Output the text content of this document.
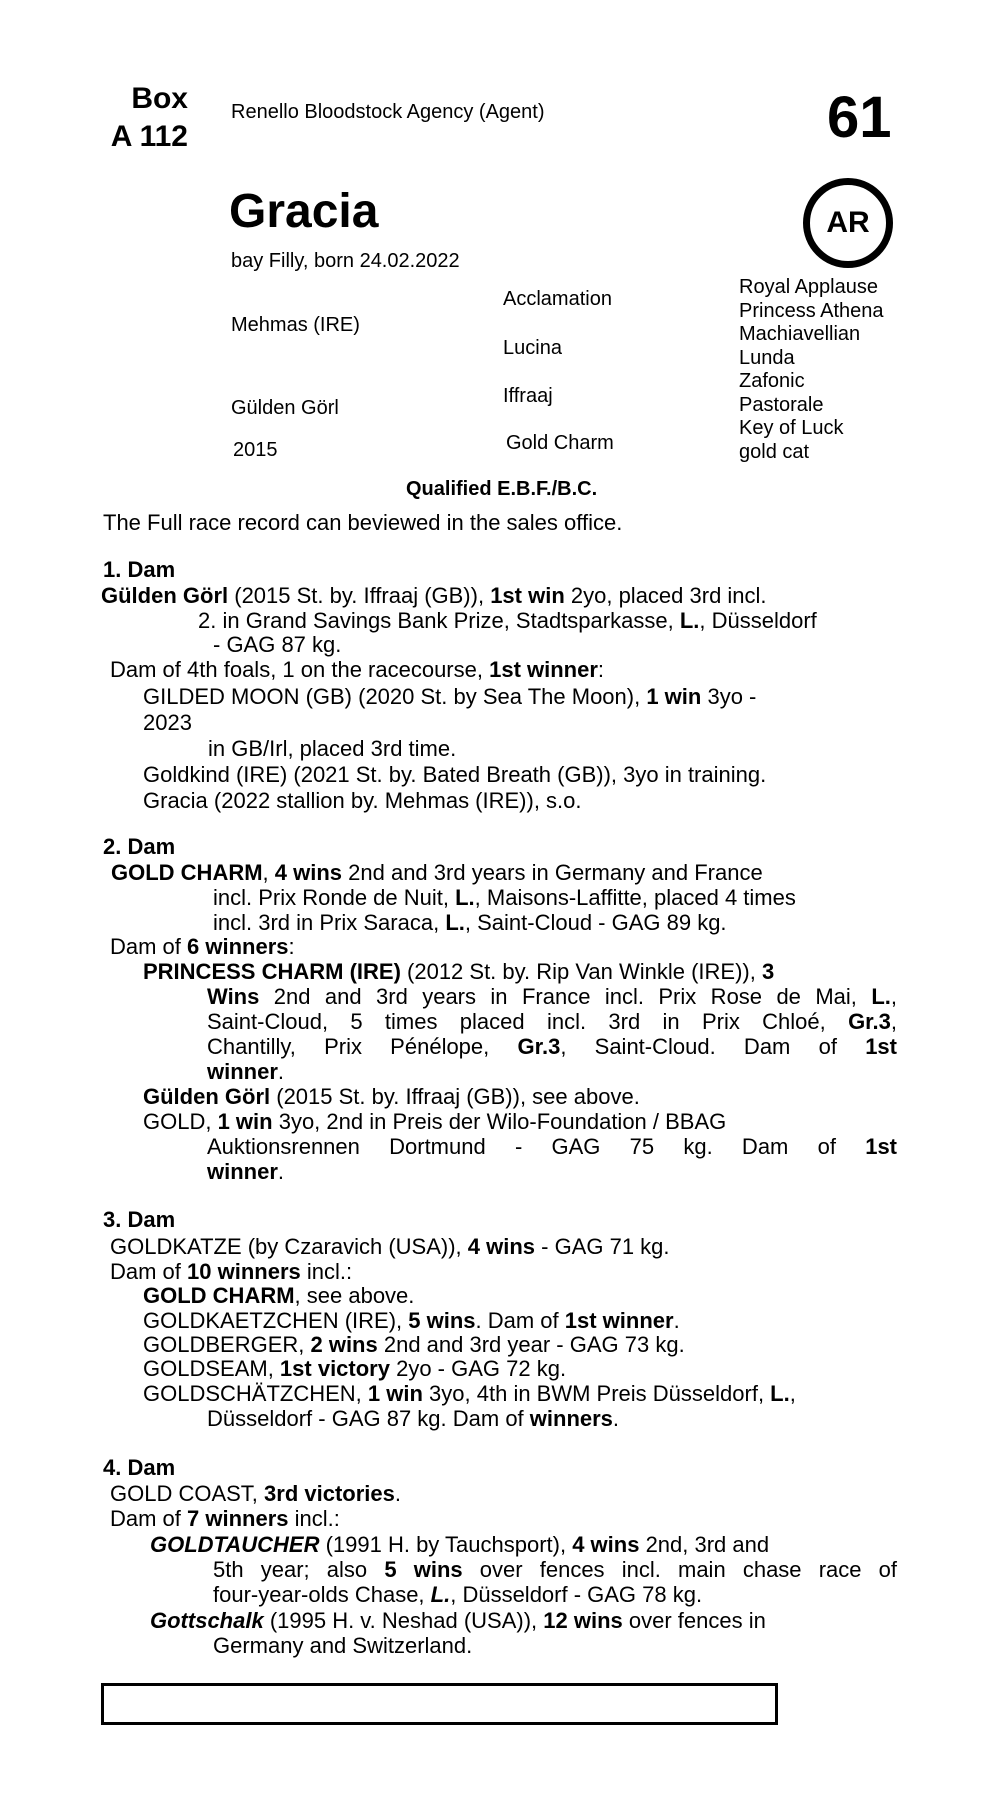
Box
A 112
Renello Bloodstock Agency (Agent)	61
AR
Gracia
bay Filly, born 24.02.2022
Mehmas (IRE)
Gülden Görl
2015
Acclamation
Lucina
Iffraaj
Gold Charm
Royal Applause
Princess Athena
Machiavellian
Lunda
Zafonic
Pastorale
Key of Luck
gold cat
Qualified E.B.F./B.C.
The Full race record can beviewed in the sales office.
1. Dam
Gülden Görl (2015 St. by. Iffraaj (GB)), 1st win 2yo, placed 3rd incl.
2. in Grand Savings Bank Prize, Stadtsparkasse, L., Düsseldorf
- GAG 87 kg.
Dam of 4th foals, 1 on the racecourse, 1st winner:
GILDED MOON (GB) (2020 St. by Sea The Moon), 1 win 3yo -
2023
in GB/Irl, placed 3rd time.
Goldkind (IRE) (2021 St. by. Bated Breath (GB)), 3yo in training.
Gracia (2022 stallion by. Mehmas (IRE)), s.o.
2. Dam
GOLD CHARM, 4 wins 2nd and 3rd years in Germany and France
incl. Prix Ronde de Nuit, L., Maisons-Laffitte, placed 4 times
incl. 3rd in Prix Saraca, L., Saint-Cloud - GAG 89 kg.
Dam of 6 winners:
PRINCESS CHARM (IRE) (2012 St. by. Rip Van Winkle (IRE)), 3
Wins 2nd and 3rd years in France incl. Prix Rose de Mai, L.,
Saint-Cloud, 5 times placed incl. 3rd in Prix Chloé, Gr.3,
Chantilly, Prix Pénélope, Gr.3, Saint-Cloud. Dam of 1st
winner.
Gülden Görl (2015 St. by. Iffraaj (GB)), see above.
GOLD, 1 win 3yo, 2nd in Preis der Wilo-Foundation / BBAG
Auktionsrennen Dortmund - GAG 75 kg. Dam of 1st
winner.
3. Dam
GOLDKATZE (by Czaravich (USA)), 4 wins - GAG 71 kg.
Dam of 10 winners incl.:
GOLD CHARM, see above.
GOLDKAETZCHEN (IRE), 5 wins. Dam of 1st winner.
GOLDBERGER, 2 wins 2nd and 3rd year - GAG 73 kg.
GOLDSEAM, 1st victory 2yo - GAG 72 kg.
GOLDSCHÄTZCHEN, 1 win 3yo, 4th in BWM Preis Düsseldorf, L.,
Düsseldorf - GAG 87 kg. Dam of winners.
4. Dam
GOLD COAST, 3rd victories.
Dam of 7 winners incl.:
GOLDTAUCHER (1991 H. by Tauchsport), 4 wins 2nd, 3rd and
5th year; also 5 wins over fences incl. main chase race of
four-year-olds Chase, L., Düsseldorf - GAG 78 kg.
Gottschalk (1995 H. v. Neshad (USA)), 12 wins over fences in
Germany and Switzerland.
